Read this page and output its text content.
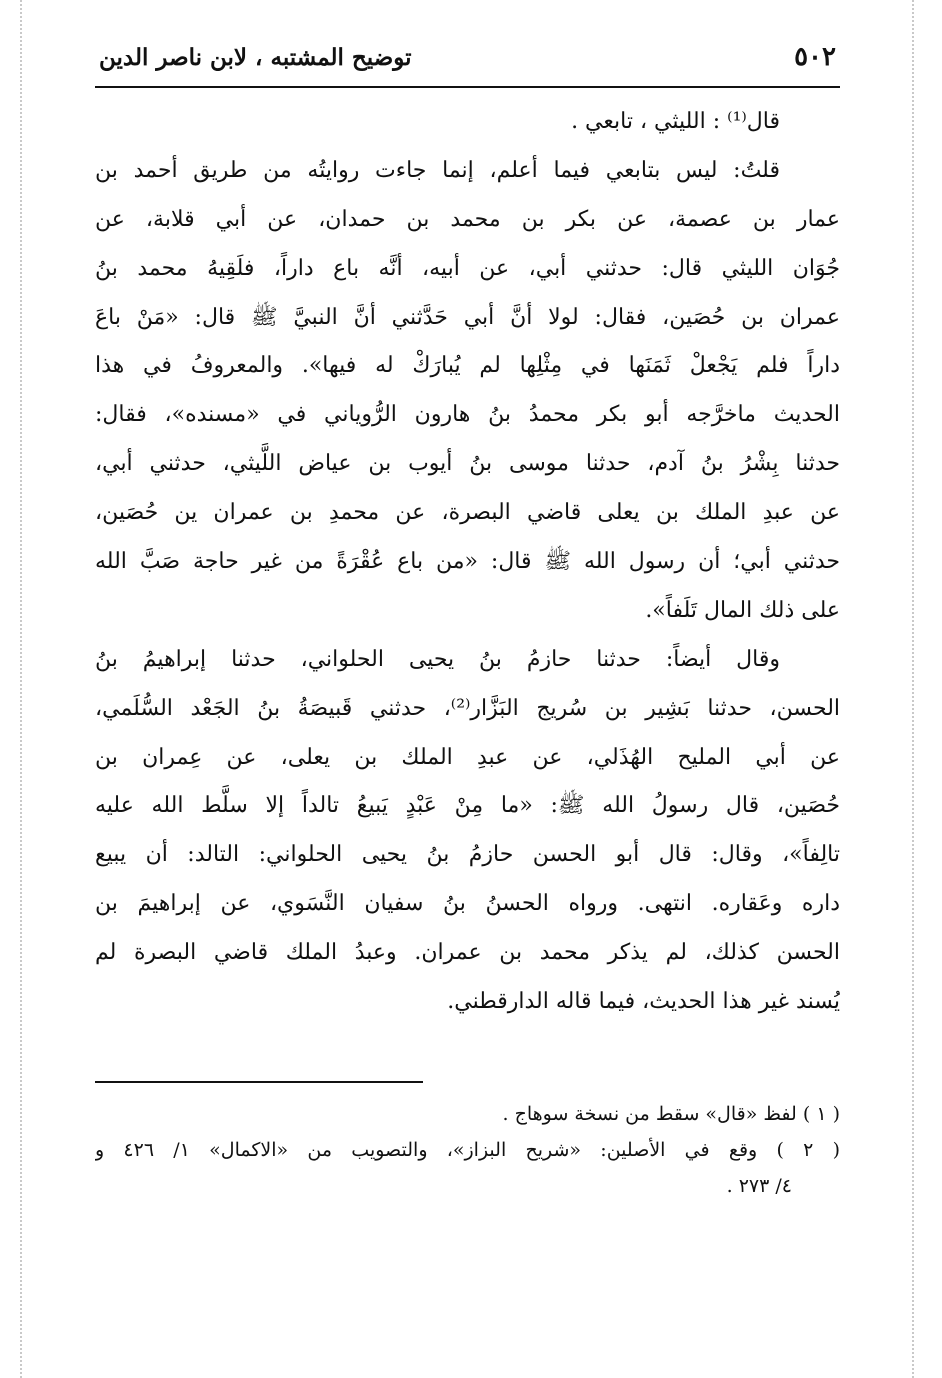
٥٠٢
توضيح المشتبه ، لابن ناصر الدين
قال⁽¹⁾ : الليثي ، تابعي .
قلتُ: ليس بتابعي فيما أعلم، إنما جاءت روايتُه من طريق أحمد بن
عمار بن عصمة، عن بكر بن محمد بن حمدان، عن أبي قلابة، عن
جُوَان الليثي قال: حدثني أبي، عن أبيه، أنَّه باع داراً، فلَقِيهُ محمد بنُ
عمران بن حُصَين، فقال: لولا أنَّ أبي حَدَّثني أنَّ النبيَّ ﷺ قال: «مَنْ باعَ
داراً فلم يَجْعلْ ثَمَنَها في مِثْلِها لم يُبارَكْ له فيها». والمعروفُ في هذا
الحديث ماخرَّجه أبو بكر محمدُ بنُ هارون الرُّوياني في «مسنده»، فقال:
حدثنا بِشْرُ بنُ آدم، حدثنا موسى بنُ أيوب بن عياض اللَّيثي، حدثني أبي،
عن عبدِ الملك بن يعلى قاضي البصرة، عن محمدِ بن عمران ين حُصَين،
حدثني أبي؛ أن رسول الله ﷺ قال: «من باع عُقْرَةً من غير حاجة صَبَّ الله
على ذلك المال تَلَفاً».
وقال أيضاً: حدثنا حازمُ بنُ يحيى الحلواني، حدثنا إبراهيمُ بنُ
الحسن، حدثنا بَشِير بن سُريج البَزَّار⁽²⁾، حدثني قَبيصَةُ بنُ الجَعْد السُّلَمي،
عن أبي المليح الهُذَلي، عن عبدِ الملك بن يعلى، عن عِمران بن
حُصَين، قال رسولُ الله ﷺ: «ما مِنْ عَبْدٍ يَبيعُ تالداً إلا سلَّط الله عليه
تالِفاً»، وقال: قال أبو الحسن حازمُ بنُ يحيى الحلواني: التالد: أن يبيع
داره وعَقاره. انتهى. ورواه الحسنُ بنُ سفيان النَّسَوي، عن إبراهيمَ بن
الحسن كذلك، لم يذكر محمد بن عمران. وعبدُ الملك قاضي البصرة لم
يُسند غير هذا الحديث، فيما قاله الدارقطني.
( ١ ) لفظ «قال» سقط من نسخة سوهاج .
( ٢ ) وقع في الأصلين: «شريح البزاز»، والتصويب من «الاكمال» ١/ ٤٢٦ و
٤/ ٢٧٣ .
